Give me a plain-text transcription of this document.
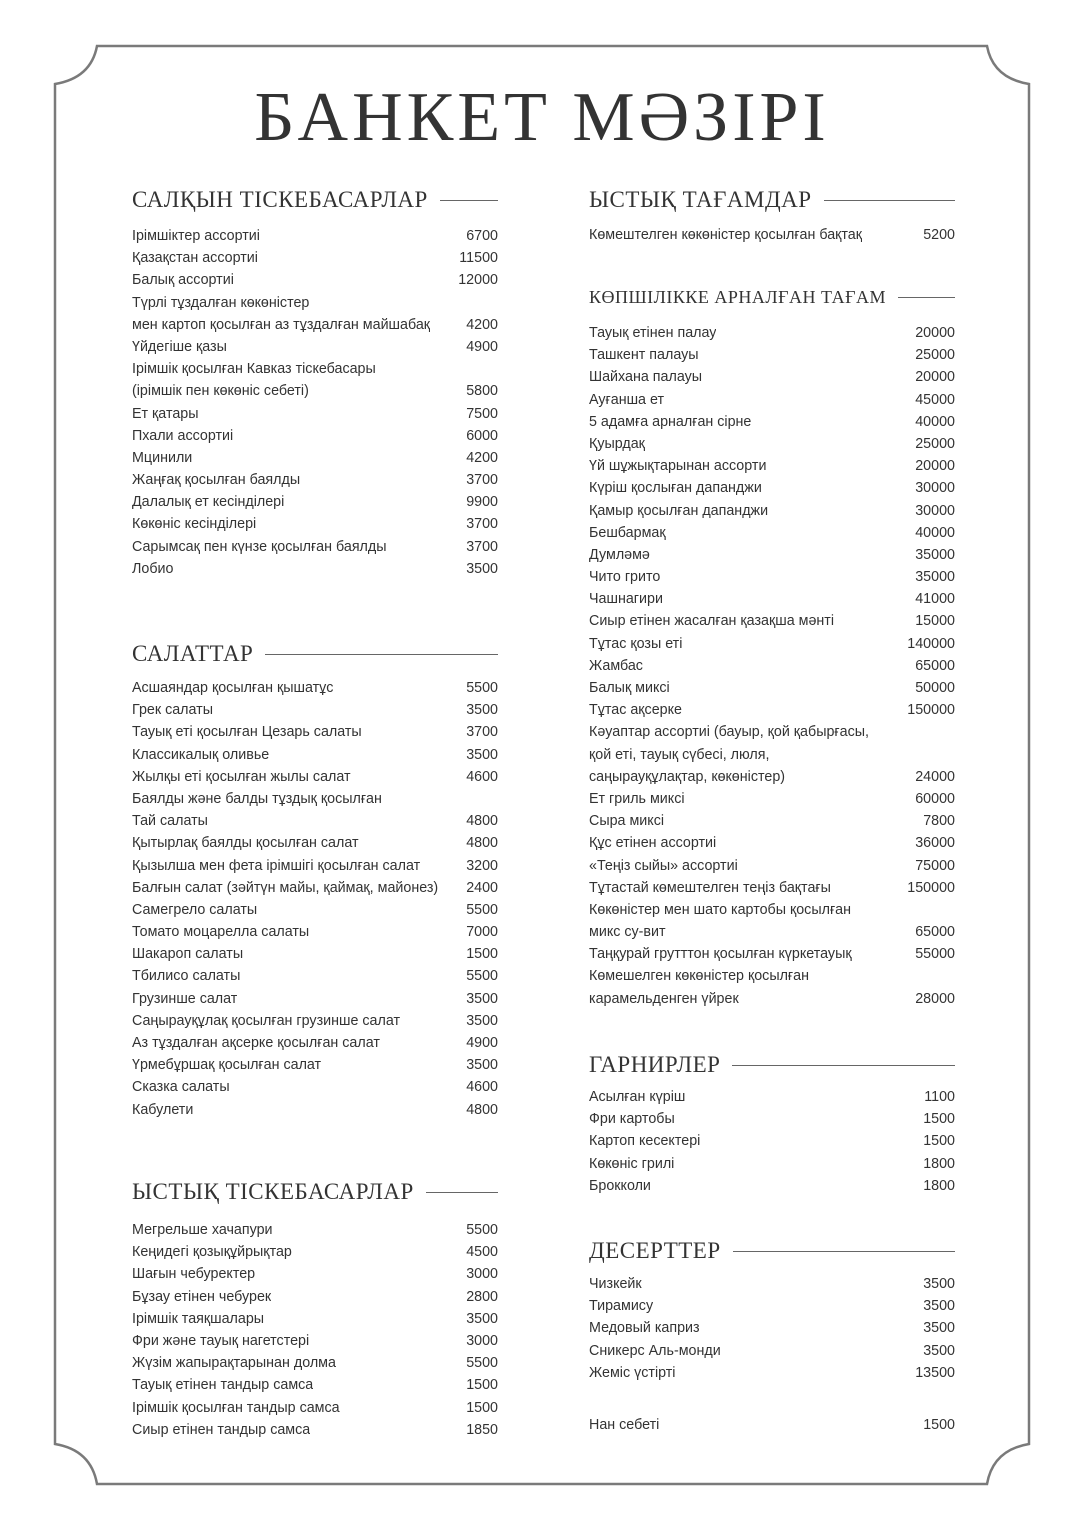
БАНКЕТ МӘЗІРІ
САЛҚЫН ТІСКЕБАСАРЛАР
Ірімшіктер ассортиі	6700
Қазақстан ассортиі	11500
Балық ассортиі	12000
Түрлі тұздалған көкөністер
мен картоп қосылған аз тұздалған майшабақ	4200
Үйдегіше қазы	4900
Ірімшік қосылған Кавказ тіскебасары
(ірімшік пен көкөніс себеті)	5800
Ет қатары	7500
Пхали ассортиі	6000
Мцинили	4200
Жаңғақ қосылған баялды	3700
Далалық ет кесінділері	9900
Көкөніс кесінділері	3700
Сарымсақ пен күнзе қосылған баялды	3700
Лобио	3500
САЛАТТАР
Асшаяндар қосылған қышатұс	5500
Грек салаты	3500
Тауық еті қосылған Цезарь салаты	3700
Классикалық оливье	3500
Жылқы еті қосылған жылы салат	4600
Баялды және балды тұздық қосылған
Тай салаты	4800
Қытырлақ баялды қосылған салат	4800
Қызылша мен фета ірімшігі қосылған салат	3200
Балғын салат (зәйтүн майы, қаймақ, майонез) 2400
Самегрело салаты	5500
Томато моцарелла салаты	7000
Шакароп салаты	1500
Тбилисо салаты	5500
Грузинше салат	3500
Саңырауқұлақ қосылған грузинше салат	3500
Аз тұздалған ақсерке қосылған салат	4900
Үрмебұршақ қосылған салат	3500
Сказка салаты	4600
Кабулети	4800
ЫСТЫҚ ТІСКЕБАСАРЛАР
Мегрельше хачапури	5500
Кеңидегі қозықұйрықтар	4500
Шағын чебуректер	3000
Бұзау етінен чебурек	2800
Ірімшік таяқшалары	3500
Фри және тауық нагетстері	3000
Жүзім жапырақтарынан долма	5500
Тауық етінен тандыр самса	1500
Ірімшік қосылған тандыр самса	1500
Сиыр етінен тандыр самса	1850
ЫСТЫҚ ТАҒАМДАР
Көмештелген көкөністер қосылған бақтақ	5200
КӨПШІЛІККЕ АРНАЛҒАН ТАҒАМ
Тауық етінен палау	20000
Ташкент палауы	25000
Шайхана палауы	20000
Ауғанша ет	45000
5 адамға арналған сірне	40000
Қуырдақ	25000
Үй шұжықтарынан ассорти	20000
Күріш қослыған дапанджи	30000
Қамыр қосылған дапанджи	30000
Бешбармақ	40000
Думләмә	35000
Чито грито	35000
Чашнагири	41000
Сиыр етінен жасалған қазақша мәнті	15000
Тұтас қозы еті	140000
Жамбас	65000
Балық миксі	50000
Тұтас ақсерке	150000
Кәуаптар ассортиі (бауыр, қой қабырғасы,
қой еті, тауық сүбесі, люля,
саңырауқұлақтар, көкөністер)	24000
Ет гриль миксі	60000
Сыра миксі	7800
Құс етінен ассортиі	36000
«Теңіз сыйы» ассортиі	75000
Тұтастай көмештелген теңіз бақтағы	150000
Көкөністер мен шато картобы қосылған
микс су-вит	65000
Таңқурай грутттон қосылған күркетауық	55000
Көмешелген көкөністер қосылған
карамельденген үйрек	28000
ГАРНИРЛЕР
Асылған күріш	1100
Фри картобы	1500
Картоп кесектері	1500
Көкөніс грилі	1800
Брокколи	1800
ДЕСЕРТТЕР
Чизкейк	3500
Тирамису	3500
Медовый каприз	3500
Сникерс Аль-монди	3500
Жеміс үстірті	13500
Нан себеті	1500
